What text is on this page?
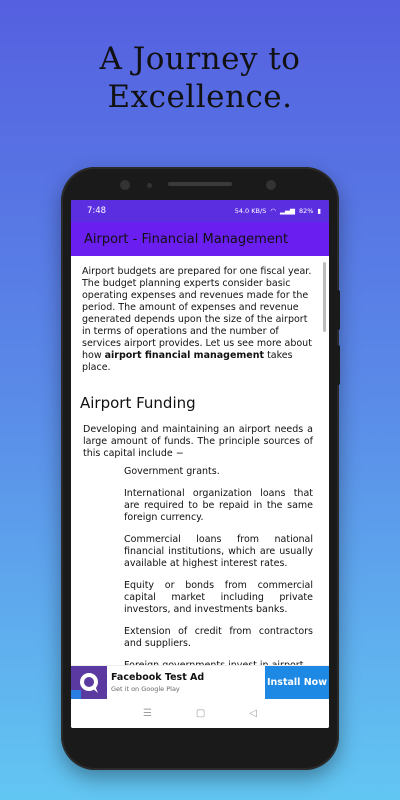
A Journey to
Excellence.
7:48	54.0 KB/S ◠ ▂▄▆ 82% ▮
Airport - Financial Management

Airport budgets are prepared for one fiscal year. The budget planning experts consider basic operating expenses and revenues made for the period. The amount of expenses and revenue generated depends upon the size of the airport in terms of operations and the number of services airport provides. Let us see more about how airport financial management takes place.

Airport Funding

Developing and maintaining an airport needs a large amount of funds. The principle sources of this capital include −

Government grants.
International organization loans that are required to be repaid in the same foreign currency.
Commercial loans from national financial institutions, which are usually available at highest interest rates.
Equity or bonds from commercial capital market including private investors, and investments banks.
Extension of credit from contractors and suppliers.
Facebook Test Ad
Get it on Google Play
Install Now
☰	▢	◁
